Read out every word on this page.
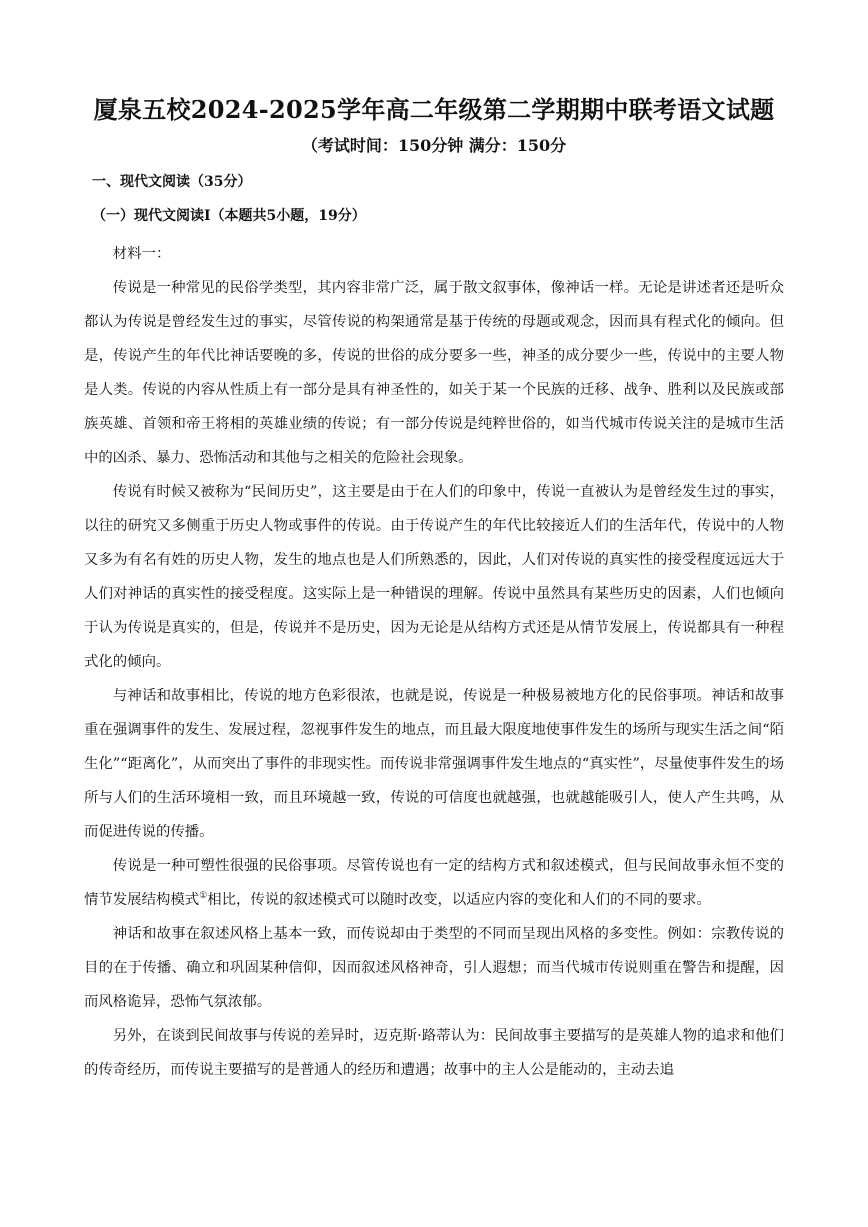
厦泉五校2024-2025学年高二年级第二学期期中联考语文试题
（考试时间：150分钟 满分：150分
一、现代文阅读（35分）
（一）现代文阅读Ⅰ（本题共5小题，19分）

材料一：

传说是一种常见的民俗学类型，其内容非常广泛，属于散文叙事体，像神话一样。无论是讲述者还是听众都认为传说是曾经发生过的事实，尽管传说的构架通常是基于传统的母题或观念，因而具有程式化的倾向。但是，传说产生的年代比神话要晚的多，传说的世俗的成分要多一些，神圣的成分要少一些，传说中的主要人物是人类。传说的内容从性质上有一部分是具有神圣性的，如关于某一个民族的迁移、战争、胜利以及民族或部族英雄、首领和帝王将相的英雄业绩的传说；有一部分传说是纯粹世俗的，如当代城市传说关注的是城市生活中的凶杀、暴力、恐怖活动和其他与之相关的危险社会现象。

传说有时候又被称为“民间历史”，这主要是由于在人们的印象中，传说一直被认为是曾经发生过的事实，以往的研究又多侧重于历史人物或事件的传说。由于传说产生的年代比较接近人们的生活年代，传说中的人物又多为有名有姓的历史人物，发生的地点也是人们所熟悉的，因此，人们对传说的真实性的接受程度远远大于人们对神话的真实性的接受程度。这实际上是一种错误的理解。传说中虽然具有某些历史的因素，人们也倾向于认为传说是真实的，但是，传说并不是历史，因为无论是从结构方式还是从情节发展上，传说都具有一种程式化的倾向。

与神话和故事相比，传说的地方色彩很浓，也就是说，传说是一种极易被地方化的民俗事项。神话和故事重在强调事件的发生、发展过程，忽视事件发生的地点，而且最大限度地使事件发生的场所与现实生活之间“陌生化”“距离化”，从而突出了事件的非现实性。而传说非常强调事件发生地点的“真实性”，尽量使事件发生的场所与人们的生活环境相一致，而且环境越一致，传说的可信度也就越强，也就越能吸引人，使人产生共鸣，从而促进传说的传播。

传说是一种可塑性很强的民俗事项。尽管传说也有一定的结构方式和叙述模式，但与民间故事永恒不变的情节发展结构模式①相比，传说的叙述模式可以随时改变，以适应内容的变化和人们的不同的要求。

神话和故事在叙述风格上基本一致，而传说却由于类型的不同而呈现出风格的多变性。例如：宗教传说的目的在于传播、确立和巩固某种信仰，因而叙述风格神奇，引人遐想；而当代城市传说则重在警告和提醒，因而风格诡异，恐怖气氛浓郁。

另外，在谈到民间故事与传说的差异时，迈克斯·路蒂认为：民间故事主要描写的是英雄人物的追求和他们的传奇经历，而传说主要描写的是普通人的经历和遭遇；故事中的主人公是能动的，主动去追
